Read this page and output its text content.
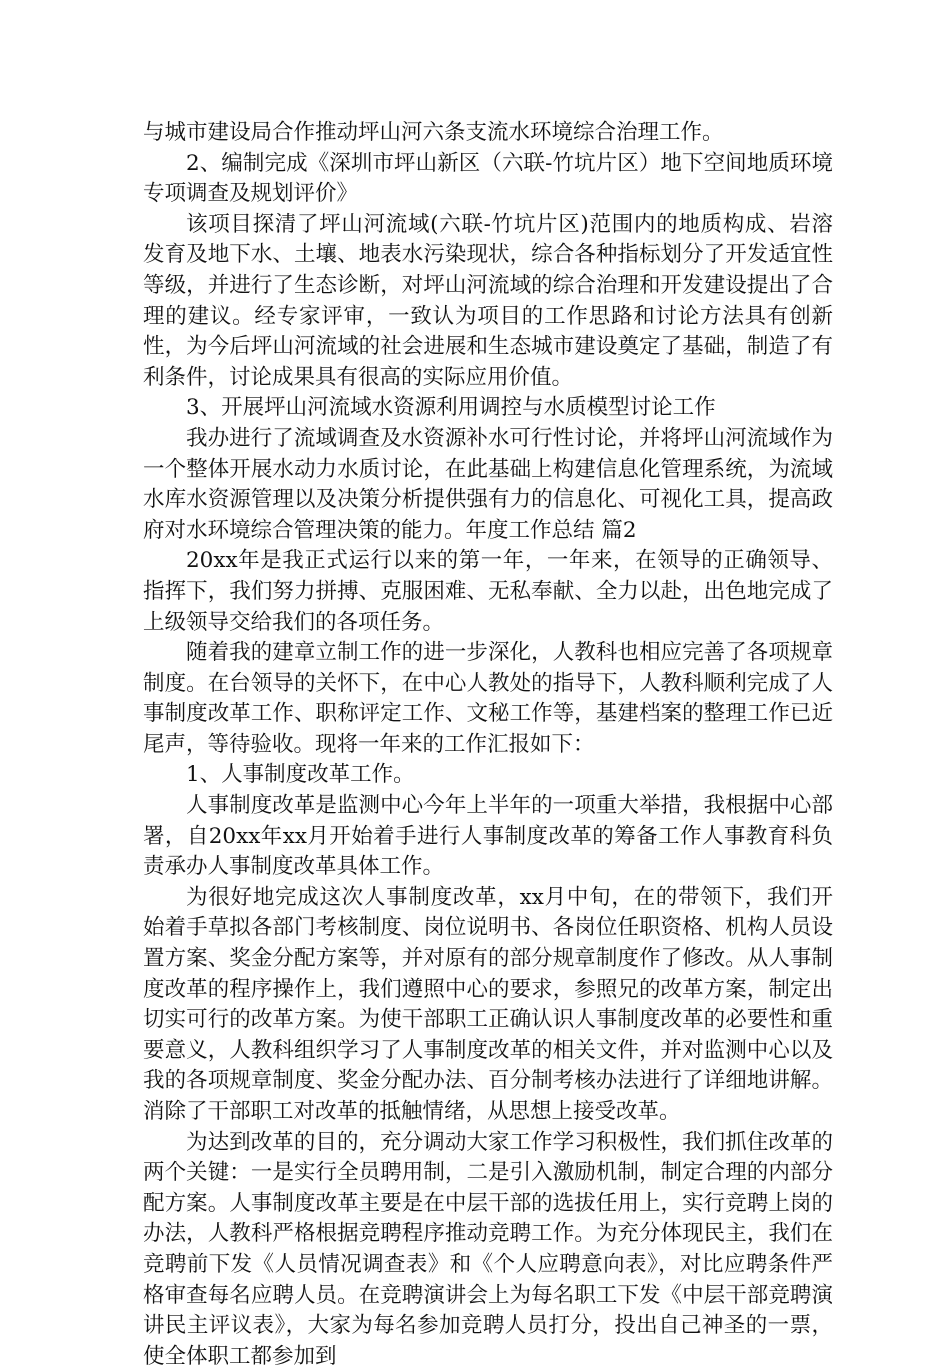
与城市建设局合作推动坪山河六条支流水环境综合治理工作。

2、编制完成《深圳市坪山新区（六联-竹坑片区）地下空间地质环境专项调查及规划评价》

该项目探清了坪山河流域(六联-竹坑片区)范围内的地质构成、岩溶发育及地下水、土壤、地表水污染现状，综合各种指标划分了开发适宜性等级，并进行了生态诊断，对坪山河流域的综合治理和开发建设提出了合理的建议。经专家评审，一致认为项目的工作思路和讨论方法具有创新性，为今后坪山河流域的社会进展和生态城市建设奠定了基础，制造了有利条件，讨论成果具有很高的实际应用价值。

3、开展坪山河流域水资源利用调控与水质模型讨论工作

我办进行了流域调查及水资源补水可行性讨论，并将坪山河流域作为一个整体开展水动力水质讨论，在此基础上构建信息化管理系统，为流域水库水资源管理以及决策分析提供强有力的信息化、可视化工具，提高政府对水环境综合管理决策的能力。年度工作总结 篇2

20xx年是我正式运行以来的第一年，一年来，在领导的正确领导、指挥下，我们努力拼搏、克服困难、无私奉献、全力以赴，出色地完成了上级领导交给我们的各项任务。

随着我的建章立制工作的进一步深化，人教科也相应完善了各项规章制度。在台领导的关怀下，在中心人教处的指导下，人教科顺利完成了人事制度改革工作、职称评定工作、文秘工作等，基建档案的整理工作已近尾声，等待验收。现将一年来的工作汇报如下：

1、人事制度改革工作。

人事制度改革是监测中心今年上半年的一项重大举措，我根据中心部署，自20xx年xx月开始着手进行人事制度改革的筹备工作人事教育科负责承办人事制度改革具体工作。

为很好地完成这次人事制度改革，xx月中旬，在的带领下，我们开始着手草拟各部门考核制度、岗位说明书、各岗位任职资格、机构人员设置方案、奖金分配方案等，并对原有的部分规章制度作了修改。从人事制度改革的程序操作上，我们遵照中心的要求，参照兄的改革方案，制定出切实可行的改革方案。为使干部职工正确认识人事制度改革的必要性和重要意义，人教科组织学习了人事制度改革的相关文件，并对监测中心以及我的各项规章制度、奖金分配办法、百分制考核办法进行了详细地讲解。消除了干部职工对改革的抵触情绪，从思想上接受改革。

为达到改革的目的，充分调动大家工作学习积极性，我们抓住改革的两个关键：一是实行全员聘用制，二是引入激励机制，制定合理的内部分配方案。人事制度改革主要是在中层干部的选拔任用上，实行竞聘上岗的办法，人教科严格根据竞聘程序推动竞聘工作。为充分体现民主，我们在竞聘前下发《人员情况调查表》和《个人应聘意向表》，对比应聘条件严格审查每名应聘人员。在竞聘演讲会上为每名职工下发《中层干部竞聘演讲民主评议表》，大家为每名参加竞聘人员打分，投出自己神圣的一票，使全体职工都参加到
